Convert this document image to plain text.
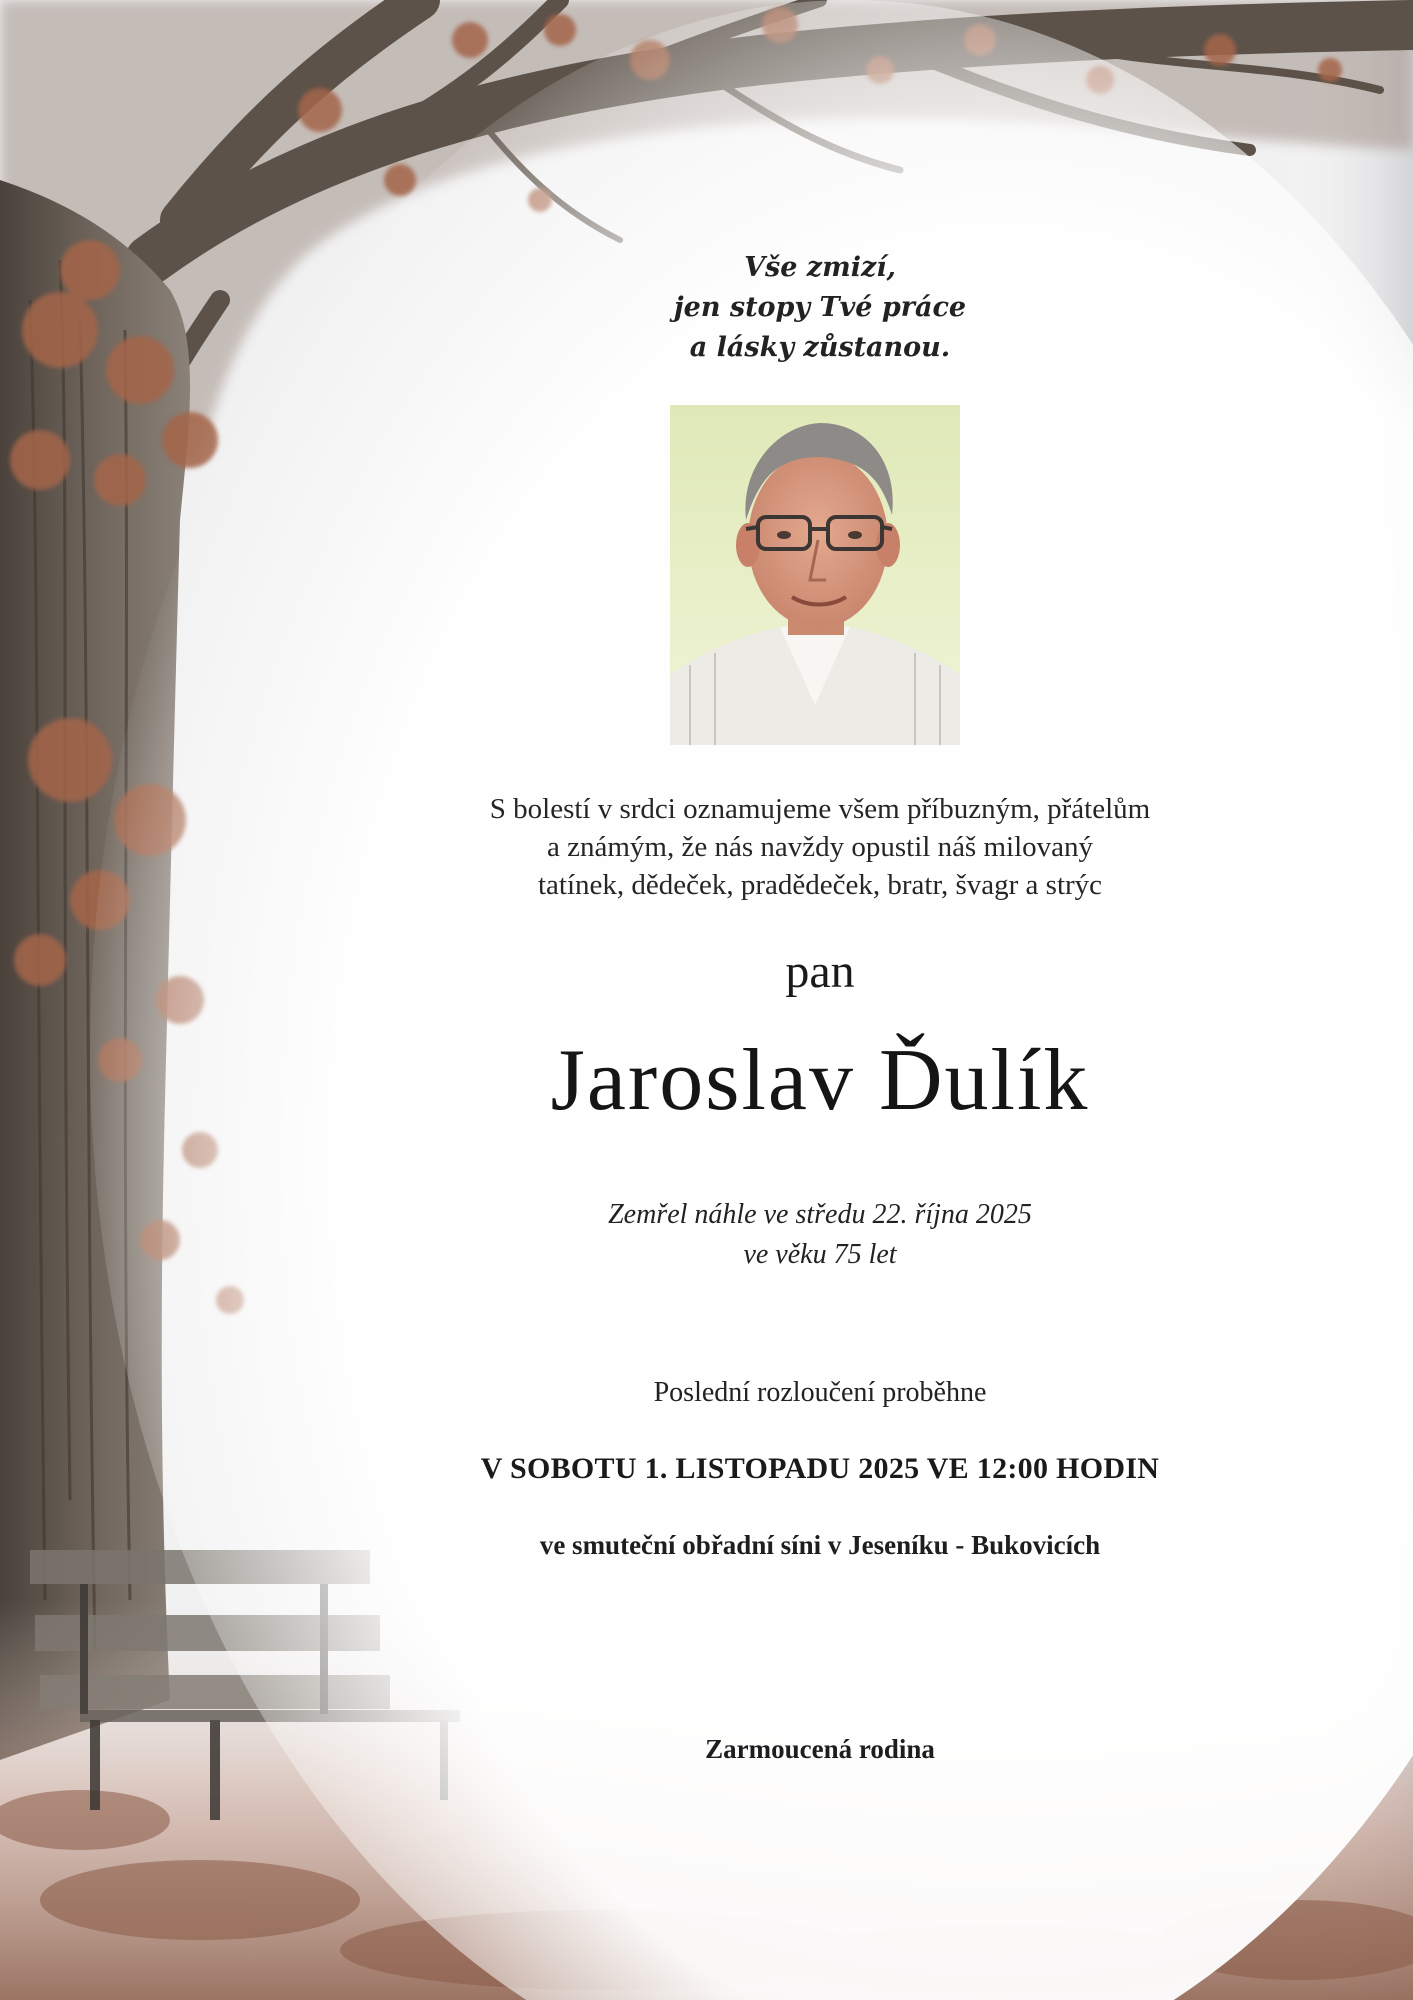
Vše zmizí,
jen stopy Tvé práce
a lásky zůstanou.
S bolestí v srdci oznamujeme všem příbuzným, přátelům
a známým, že nás navždy opustil náš milovaný
tatínek, dědeček, pradědeček, bratr, švagr a strýc
pan
Jaroslav Ďulík
Zemřel náhle ve středu 22. října 2025
ve věku 75 let
Poslední rozloučení proběhne
V SOBOTU 1. LISTOPADU 2025 VE 12:00 HODIN
ve smuteční obřadní síni v Jeseníku - Bukovicích
Zarmoucená rodina
